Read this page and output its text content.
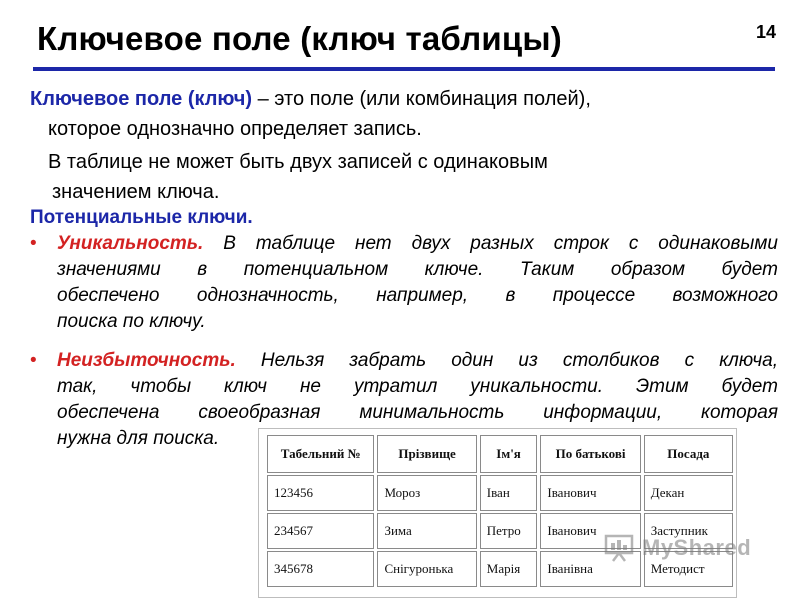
Ключевое поле (ключ таблицы)	14
Ключевое поле (ключ) – это поле (или комбинация полей),
которое однозначно определяет запись.
В таблице не может быть двух записей с одинаковым
значением ключа.
Потенциальные ключи.
• Уникальность. В таблице нет двух разных строк с одинаковыми
значениями в потенциальном ключе. Таким образом будет
обеспечено однозначность, например, в процессе возможного
поиска по ключу.
• Неизбыточность. Нельзя забрать один из столбиков с ключа,
так, чтобы ключ не утратил уникальности. Этим будет
обеспечена своеобразная минимальность информации, которая
нужна для поиска.
Табельний №	Прізвище	Ім'я	По батькові	Посада
123456	Мороз	Іван	Іванович	Декан
234567	Зима	Петро	Іванович	Заступник
345678	Снігуронька	Марія	Іванівна	Методист
MyShared
